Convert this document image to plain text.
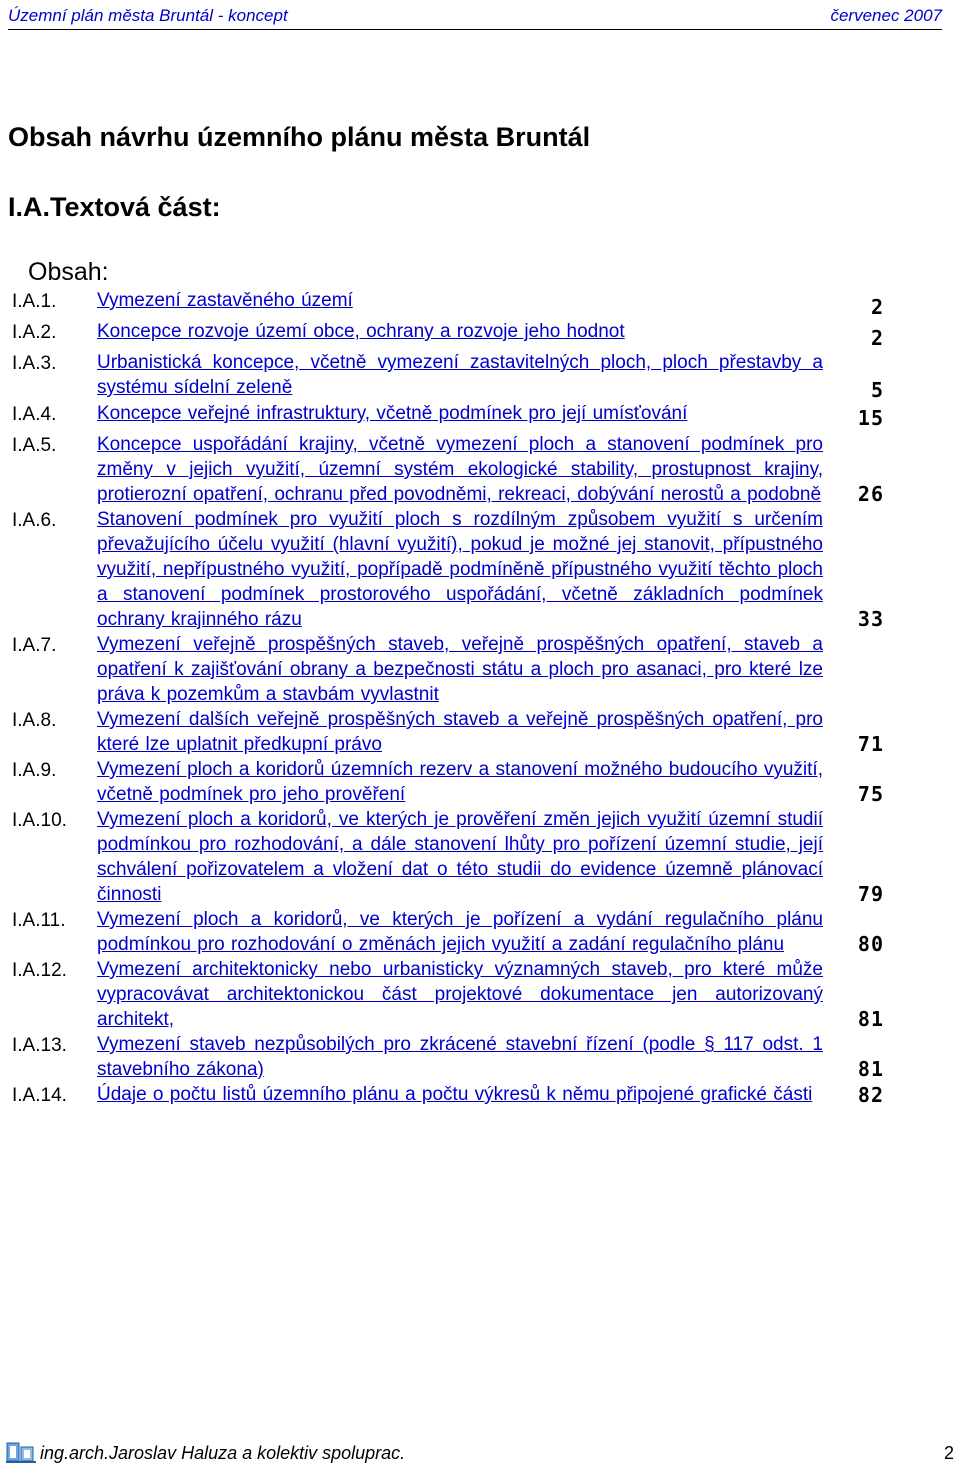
Územní plán města Bruntál - koncept	červenec 2007
Obsah návrhu územního plánu města Bruntál
I.A.Textová část:
Obsah:
I.A.1.	Vymezení zastavěného území	2
I.A.2.	Koncepce rozvoje území obce, ochrany a rozvoje jeho hodnot	2
I.A.3.	Urbanistická koncepce, včetně vymezení zastavitelných ploch, ploch přestavby a systému sídelní zeleně	5
I.A.4.	Koncepce veřejné infrastruktury, včetně podmínek pro její umísťování	15
I.A.5.	Koncepce uspořádání krajiny, včetně vymezení ploch a stanovení podmínek pro změny v jejich využití, územní systém ekologické stability, prostupnost krajiny, protierozní opatření, ochranu před povodněmi, rekreaci, dobývání nerostů a podobně	26
I.A.6.	Stanovení podmínek pro využití ploch s rozdílným způsobem využití s určením převažujícího účelu využití (hlavní využití), pokud je možné jej stanovit, přípustného využití, nepřípustného využití, popřípadě podmíněně přípustného využití těchto ploch a stanovení podmínek prostorového uspořádání, včetně základních podmínek ochrany krajinného rázu	33
I.A.7.	Vymezení veřejně prospěšných staveb, veřejně prospěšných opatření, staveb a opatření k zajišťování obrany a bezpečnosti státu a ploch pro asanaci, pro které lze práva k pozemkům a stavbám vyvlastnit
I.A.8.	Vymezení dalších veřejně prospěšných staveb a veřejně prospěšných opatření, pro které lze uplatnit předkupní právo	71
I.A.9.	Vymezení ploch a koridorů územních rezerv a stanovení možného budoucího využití, včetně podmínek pro jeho prověření	75
I.A.10.	Vymezení ploch a koridorů, ve kterých je prověření změn jejich využití územní studií podmínkou pro rozhodování, a dále stanovení lhůty pro pořízení územní studie, její schválení pořizovatelem a vložení dat o této studii do evidence územně plánovací činnosti	79
I.A.11.	Vymezení ploch a koridorů, ve kterých je pořízení a vydání regulačního plánu podmínkou pro rozhodování o změnách jejich využití a zadání regulačního plánu	80
I.A.12.	Vymezení architektonicky nebo urbanisticky významných staveb, pro které může vypracovávat architektonickou část projektové dokumentace jen autorizovaný architekt,	81
I.A.13.	Vymezení staveb nezpůsobilých pro zkrácené stavební řízení (podle § 117 odst. 1 stavebního zákona)	81
I.A.14.	Údaje o počtu listů územního plánu a počtu výkresů k němu připojené grafické části	82
ing.arch.Jaroslav Haluza a kolektiv spoluprac.	2
